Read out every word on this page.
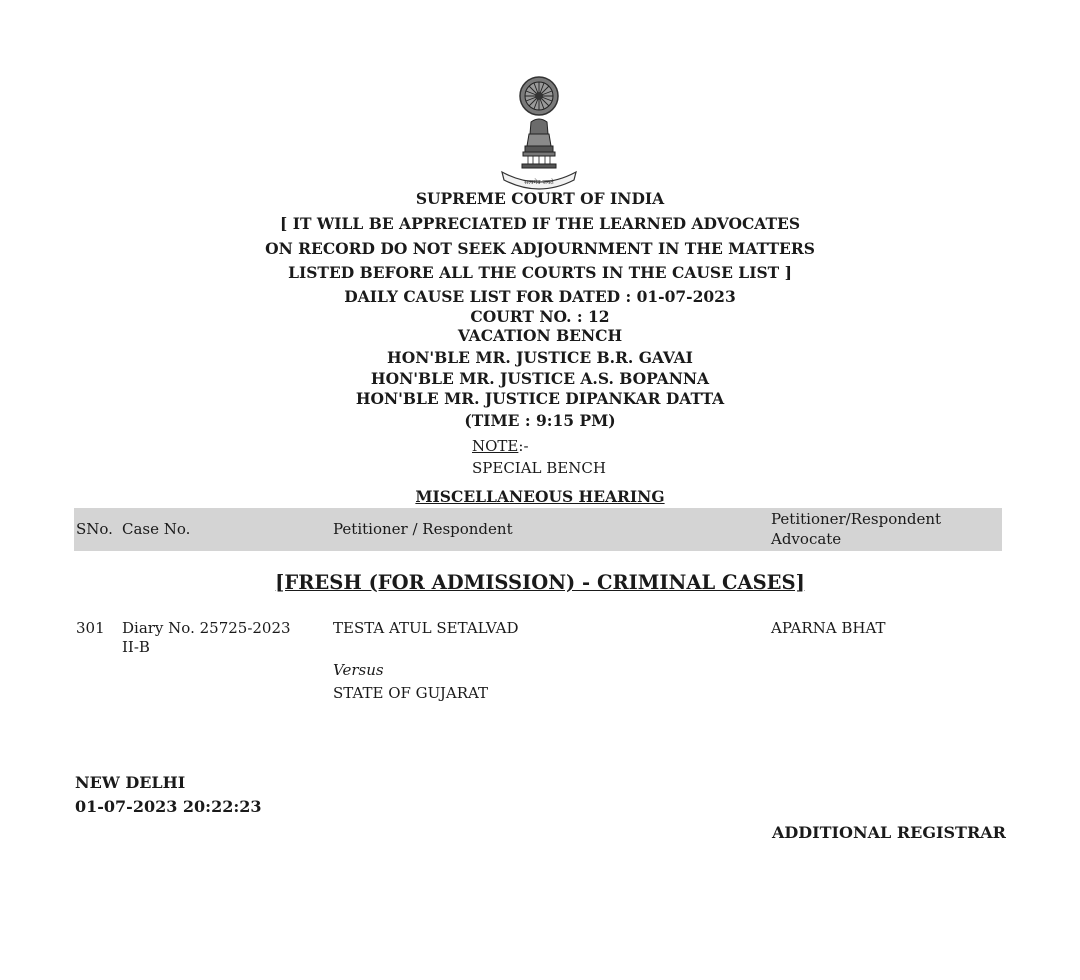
सत्यमेव जयते
SUPREME COURT OF INDIA
[ IT WILL BE APPRECIATED IF THE LEARNED ADVOCATES
ON RECORD DO NOT SEEK ADJOURNMENT IN THE MATTERS
LISTED BEFORE ALL THE COURTS IN THE CAUSE LIST ]
DAILY CAUSE LIST FOR DATED : 01-07-2023
COURT NO. : 12
VACATION BENCH
HON'BLE MR. JUSTICE B.R. GAVAI
HON'BLE MR. JUSTICE A.S. BOPANNA
HON'BLE MR. JUSTICE DIPANKAR DATTA
(TIME : 9:15 PM)
NOTE:-
SPECIAL BENCH
MISCELLANEOUS HEARING
SNo. Case No.	Petitioner / Respondent
Petitioner/Respondent
Advocate
[FRESH (FOR ADMISSION) - CRIMINAL CASES]
301 Diary No. 25725-2023
II-B
TESTA ATUL SETALVAD
Versus
STATE OF GUJARAT
APARNA BHAT
NEW DELHI
01-07-2023 20:22:23
ADDITIONAL REGISTRAR
